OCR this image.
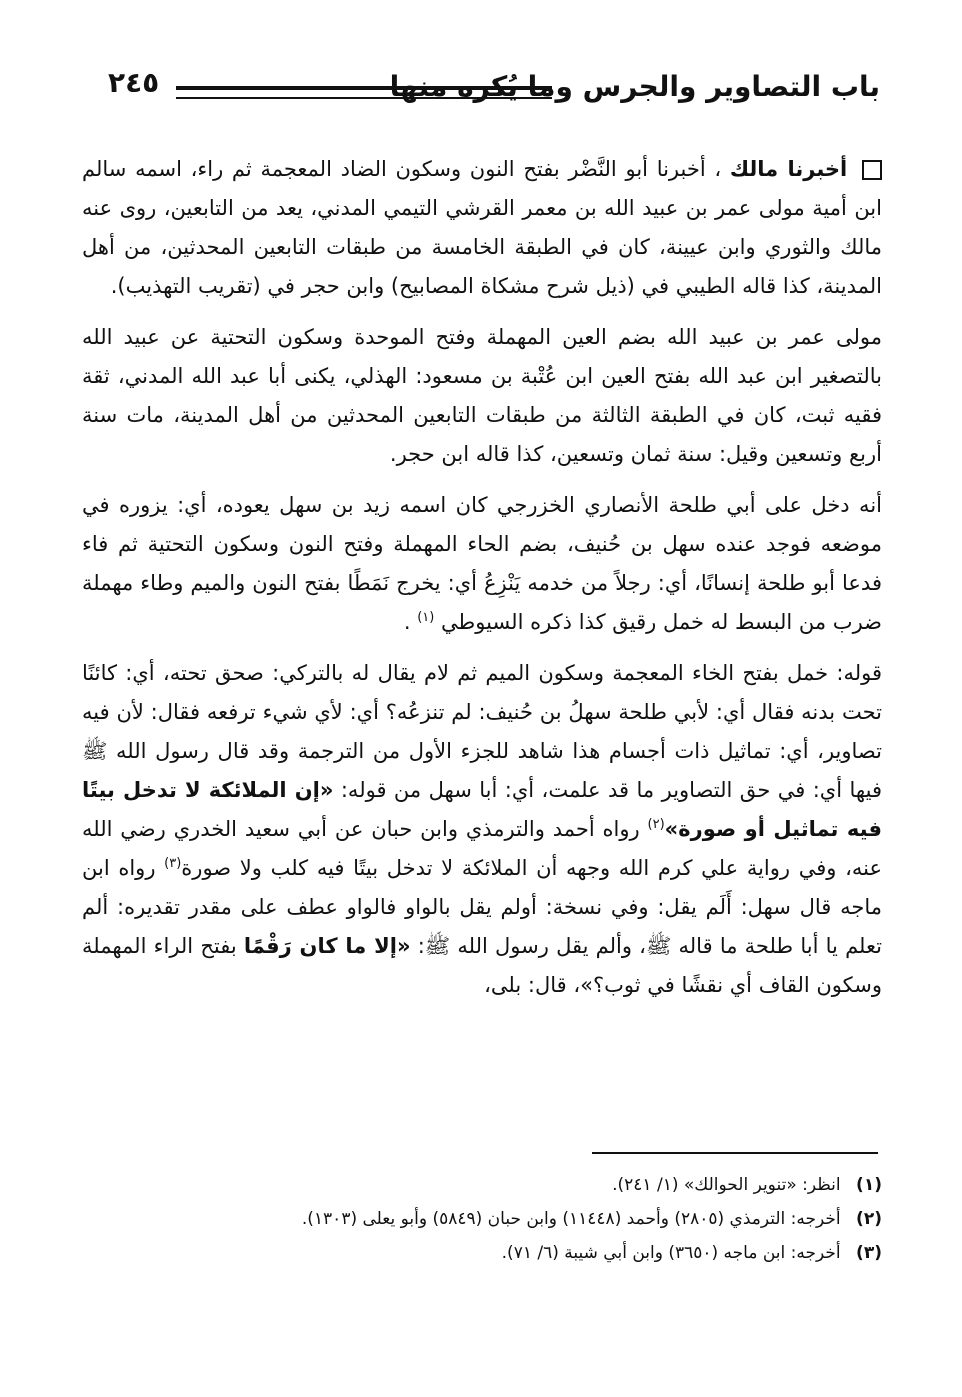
باب التصاوير والجرس وما يُكره منها
٢٤٥

أخبرنا مالك ، أخبرنا أبو النَّضْر بفتح النون وسكون الضاد المعجمة ثم راء، اسمه سالم ابن أمية مولى عمر بن عبيد الله بن معمر القرشي التيمي المدني، يعد من التابعين، روى عنه مالك والثوري وابن عيينة، كان في الطبقة الخامسة من طبقات التابعين المحدثين، من أهل المدينة، كذا قاله الطيبي في (ذيل شرح مشكاة المصابيح) وابن حجر في (تقريب التهذيب).

مولى عمر بن عبيد الله بضم العين المهملة وفتح الموحدة وسكون التحتية عن عبيد الله بالتصغير ابن عبد الله بفتح العين ابن عُتْبة بن مسعود: الهذلي، يكنى أبا عبد الله المدني، ثقة فقيه ثبت، كان في الطبقة الثالثة من طبقات التابعين المحدثين من أهل المدينة، مات سنة أربع وتسعين وقيل: سنة ثمان وتسعين، كذا قاله ابن حجر.

أنه دخل على أبي طلحة الأنصاري الخزرجي كان اسمه زيد بن سهل يعوده، أي: يزوره في موضعه فوجد عنده سهل بن حُنيف، بضم الحاء المهملة وفتح النون وسكون التحتية ثم فاء فدعا أبو طلحة إنسانًا، أي: رجلاً من خدمه يَنْزِعُ أي: يخرج نَمَطًا بفتح النون والميم وطاء مهملة ضرب من البسط له خمل رقيق كذا ذكره السيوطي $^{(١)}$ .

قوله: خمل بفتح الخاء المعجمة وسكون الميم ثم لام يقال له بالتركي: صحق تحته، أي: كائنًا تحت بدنه فقال أي: لأبي طلحة سهلُ بن حُنيف: لم تنزعُه؟ أي: لأي شيء ترفعه فقال: لأن فيه تصاوير، أي: تماثيل ذات أجسام هذا شاهد للجزء الأول من الترجمة وقد قال رسول الله ﷺ فيها أي: في حق التصاوير ما قد علمت، أي: أبا سهل من قوله: «إن الملائكة لا تدخل بيتًا فيه تماثيل أو صورة»$^{(٢)}$ رواه أحمد والترمذي وابن حبان عن أبي سعيد الخدري رضي الله عنه، وفي رواية علي كرم الله وجهه أن الملائكة لا تدخل بيتًا فيه كلب ولا صورة$^{(٣)}$ رواه ابن ماجه قال سهل: أَلَم يقل: وفي نسخة: أولم يقل بالواو فالواو عطف على مقدر تقديره: ألم تعلم يا أبا طلحة ما قاله ﷺ، وألم يقل رسول الله ﷺ: «إلا ما كان رَقْمًا بفتح الراء المهملة وسكون القاف أي نقشًا في ثوب؟»، قال: بلى،

(١) انظر: «تنوير الحوالك» (١/ ٢٤١).

(٢) أخرجه: الترمذي (٢٨٠٥) وأحمد (١١٤٤٨) وابن حبان (٥٨٤٩) وأبو يعلى (١٣٠٣).

(٣) أخرجه: ابن ماجه (٣٦٥٠) وابن أبي شيبة (٦/ ٧١).
